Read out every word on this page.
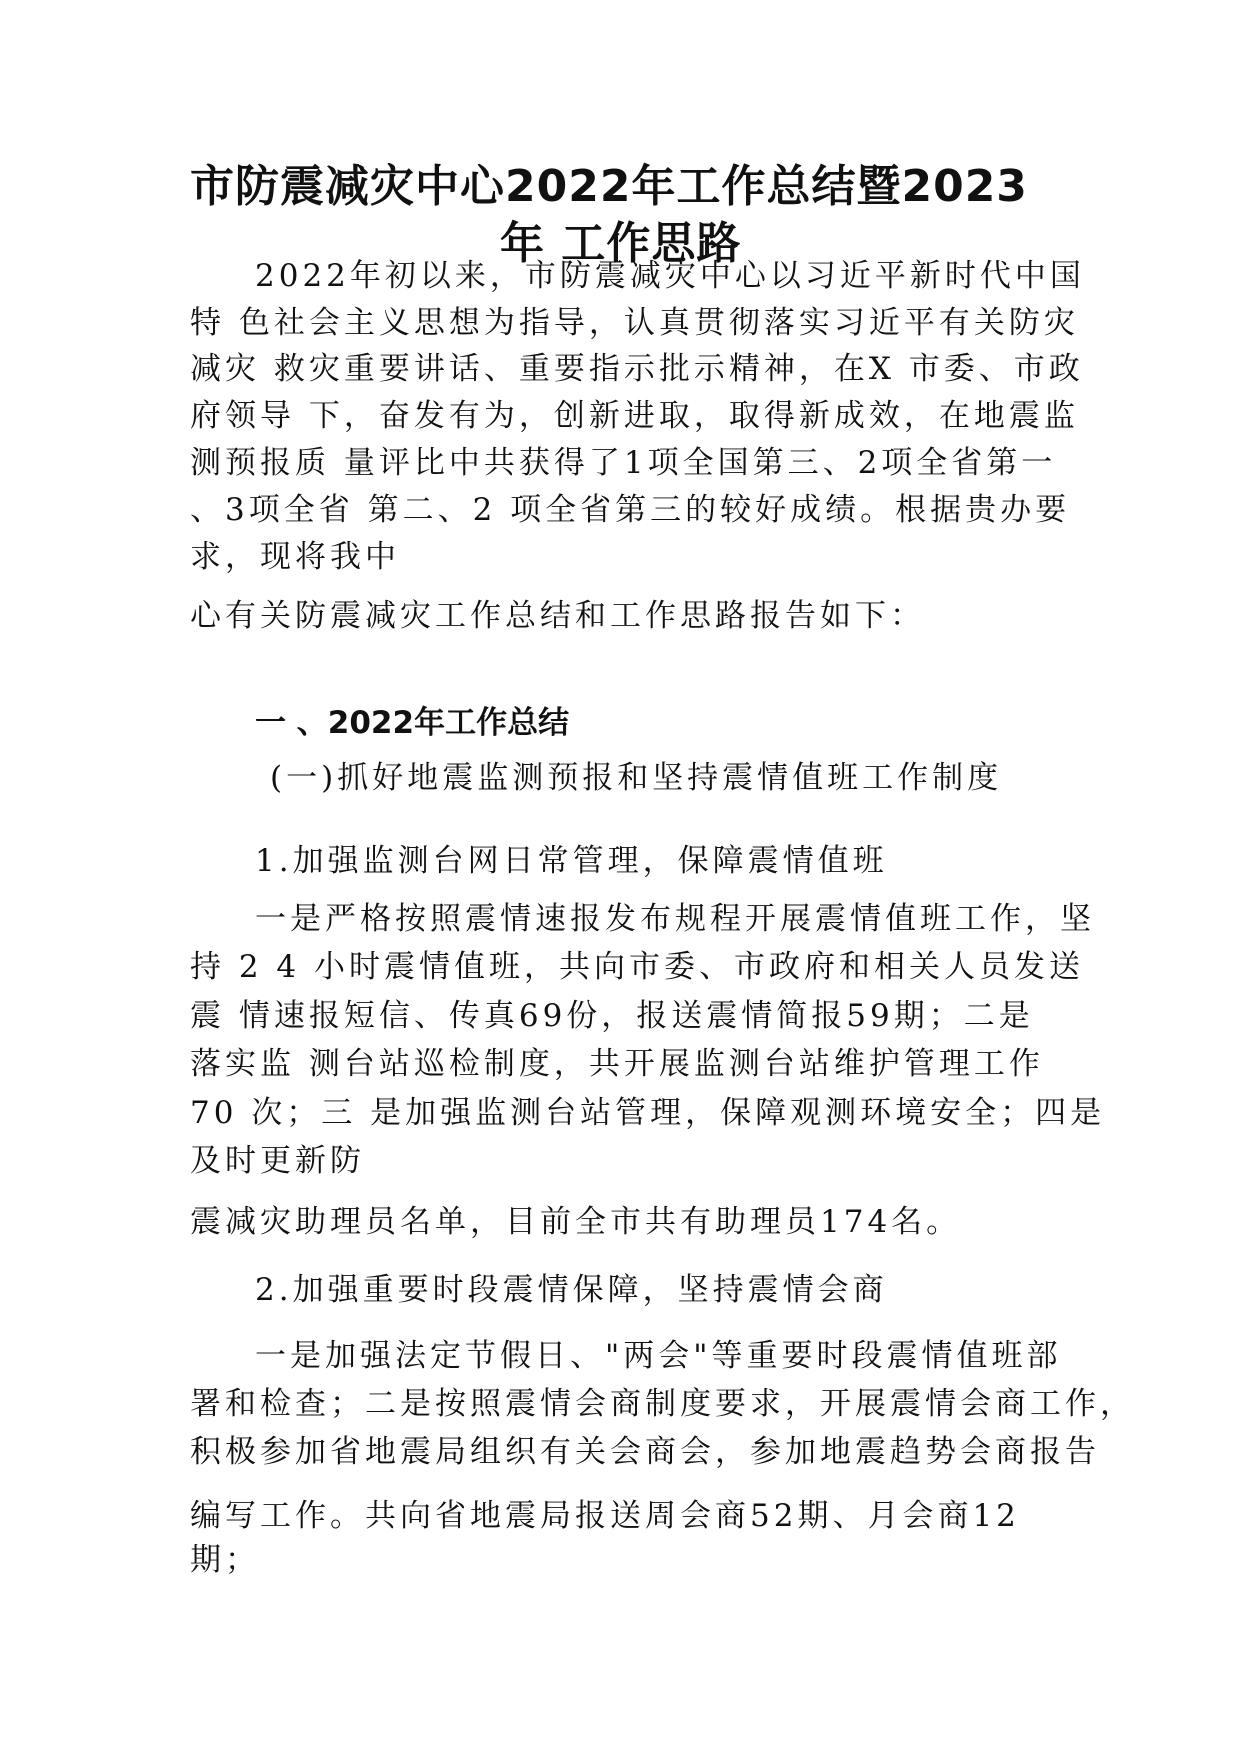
市防震减灾中心2022年工作总结暨2023
年 工作思路
2022年初以来，市防震减灾中心以习近平新时代中国
特 色社会主义思想为指导，认真贯彻落实习近平有关防灾
减灾 救灾重要讲话、重要指示批示精神，在X 市委、市政
府领导 下，奋发有为，创新进取，取得新成效，在地震监
测预报质 量评比中共获得了1项全国第三、2项全省第一
、3项全省 第二、2 项全省第三的较好成绩。根据贵办要
求，现将我中
心有关防震减灾工作总结和工作思路报告如下：
一 、2022年工作总结
(一)抓好地震监测预报和坚持震情值班工作制度
1.加强监测台网日常管理，保障震情值班
一是严格按照震情速报发布规程开展震情值班工作，坚
持 2 4 小时震情值班，共向市委、市政府和相关人员发送
震 情速报短信、传真69份，报送震情简报59期；二是
落实监 测台站巡检制度，共开展监测台站维护管理工作
70 次；三 是加强监测台站管理，保障观测环境安全；四是
及时更新防
震减灾助理员名单，目前全市共有助理员174名。
2.加强重要时段震情保障，坚持震情会商
一是加强法定节假日、"两会"等重要时段震情值班部
署和检查；二是按照震情会商制度要求，开展震情会商工作，
积极参加省地震局组织有关会商会，参加地震趋势会商报告
编写工作。共向省地震局报送周会商52期、月会商12
期；
